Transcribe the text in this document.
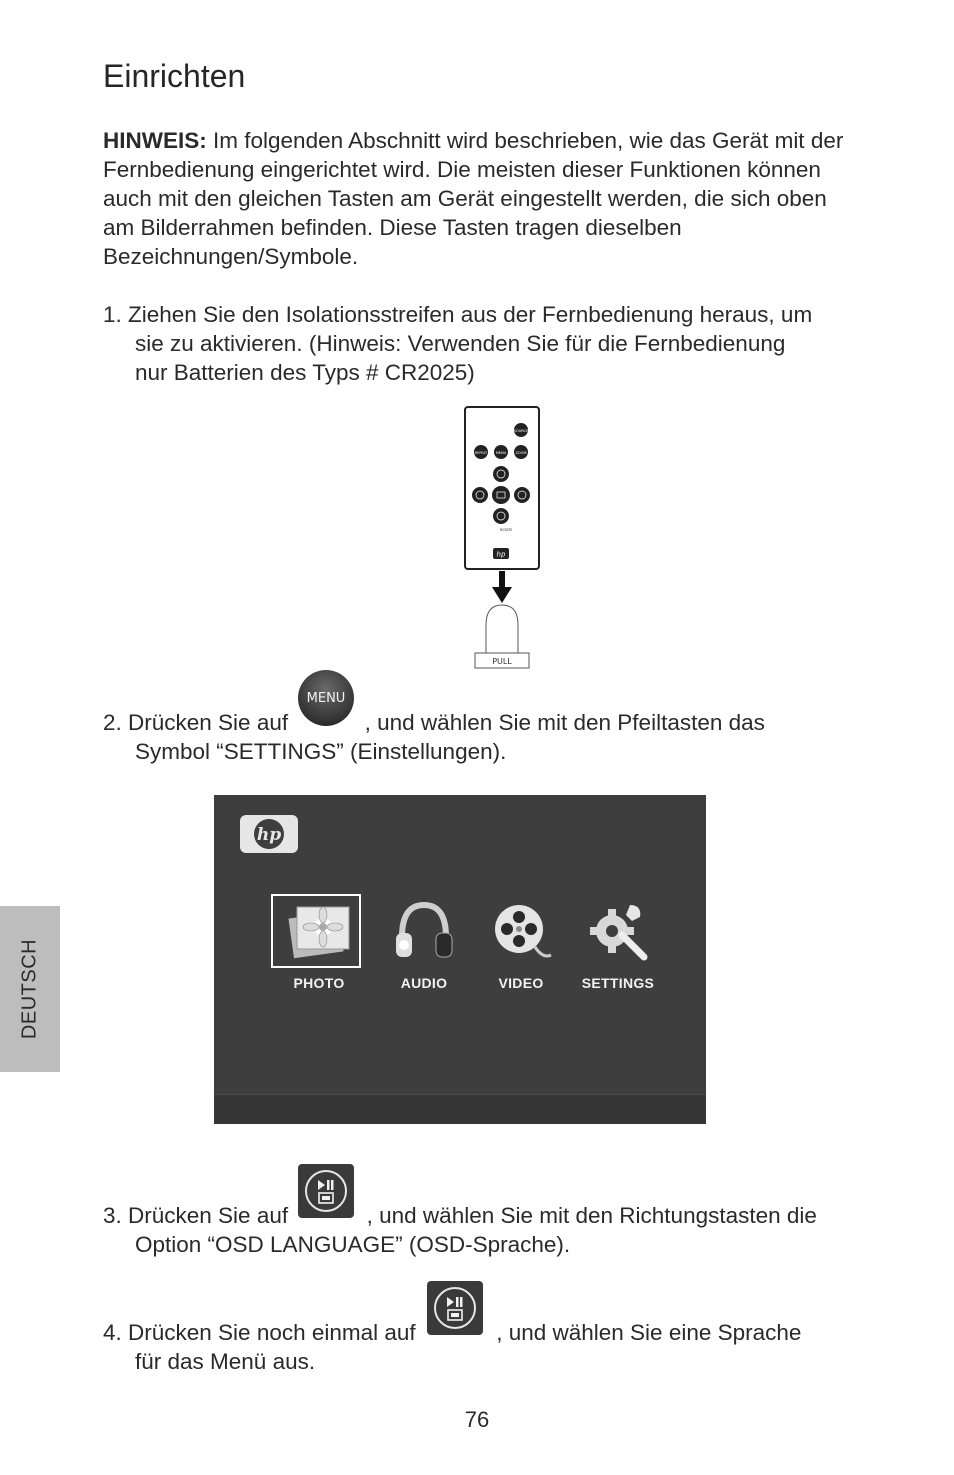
Einrichten

HINWEIS: Im folgenden Abschnitt wird beschrieben, wie das Gerät mit der Fernbedienung eingerichtet wird. Die meisten dieser Funktionen können auch mit den gleichen Tasten am Gerät eingestellt werden, die sich oben am Bilderrahmen befinden. Diese Tasten tragen dieselben Bezeichnungen/Symbole.

1. Ziehen Sie den Isolationsstreifen aus der Fernbedienung heraus, um
sie zu aktivieren. (Hinweis: Verwenden Sie für die Fernbedienung
nur Batterien des Typs # CR2025)
SOURCE
REPEAT	MENU	ZOOM
ROTATE
hp
PULL
2. Drücken Sie auf
MENU
, und wählen Sie mit den Pfeiltasten das
Symbol “SETTINGS” (Einstellungen).
hp
PHOTO	AUDIO	VIDEO	SETTINGS
3. Drücken Sie auf	, und wählen Sie mit den Richtungstasten die
Option “OSD LANGUAGE” (OSD-Sprache).
4. Drücken Sie noch einmal auf	, und wählen Sie eine Sprache
für das Menü aus.
DEUTSCH
76
